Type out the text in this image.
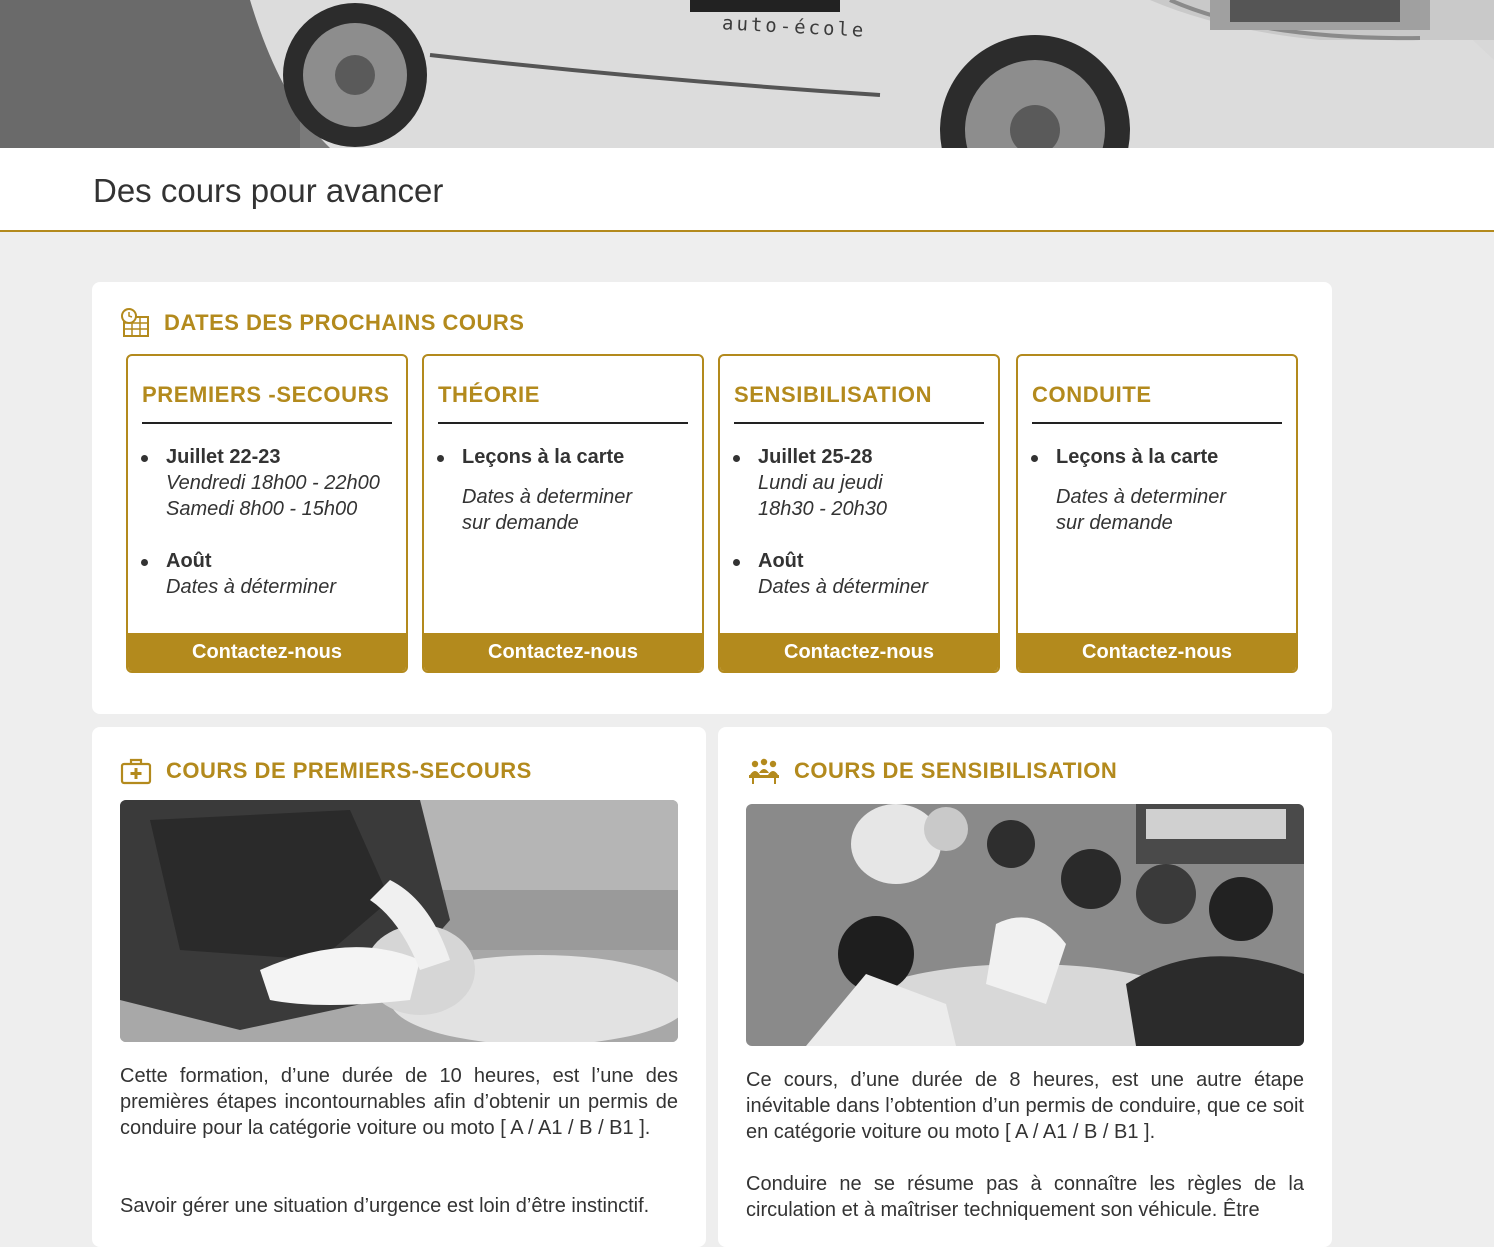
auto-école
Des cours pour avancer
DATES DES PROCHAINS COURS
PREMIERS -SECOURS
Juillet 22-23
Vendredi 18h00 - 22h00
Samedi 8h00 - 15h00
Août
Dates à déterminer
Contactez-nous
THÉORIE
Leçons à la carte
Dates à determiner
sur demande
Contactez-nous
SENSIBILISATION
Juillet 25-28
Lundi au jeudi
18h30 - 20h30
Août
Dates à déterminer
Contactez-nous
CONDUITE
Leçons à la carte
Dates à determiner
sur demande
Contactez-nous
COURS DE PREMIERS-SECOURS

Cette formation, d’une durée de 10 heures, est l’une des premières étapes incontournables afin d’obtenir un permis de conduire pour la catégorie voiture ou moto [ A / A1 / B / B1 ].

Savoir gérer une situation d’urgence est loin d’être instinctif.

COURS DE SENSIBILISATION

Ce cours, d’une durée de 8 heures, est une autre étape inévitable dans l’obtention d’un permis de conduire, que ce soit en catégorie voiture ou moto [ A / A1 / B / B1 ].

Conduire ne se résume pas à connaître les règles de la circulation et à maîtriser techniquement son véhicule. Être
